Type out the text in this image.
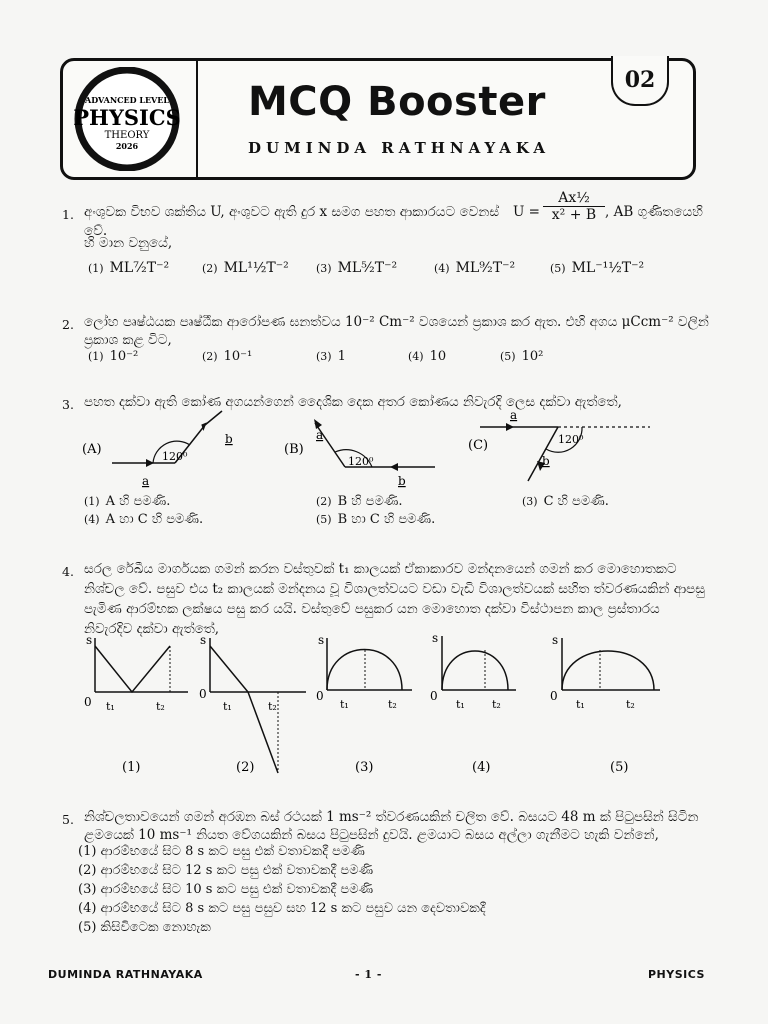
ADVANCED LEVEL
PHYSICS
THEORY
2026
MCQ Booster
DUMINDA RATHNAYAKA
02
1. අංශුවක විභව ශක්තිය U, අංශුවට ඇති දුර x සමග පහත ආකාරයට වෙනස් වේ.
$U = \frac{\text{Ax½}}{\text{x² + B}}$ , AB ගුණිතයෙහි
හි මාන වනුයේ,
(1) ML⁷⁄₂T⁻²	(2) ML¹½T⁻² (3) ML⁵⁄₂T⁻²	(4) ML⁹⁄₂T⁻²	(5) ML⁻¹½T⁻²
2. ලෝහ පෘෂ්ඨයක පෘෂ්ඨීක ආරෝපණ ඝනත්වය 10⁻² Cm⁻² වශයෙන් ප්‍රකාශ කර ඇත. එහි අගය μCcm⁻² වලින්
ප්‍රකාශ කළ විට,
(1) 10⁻²	(2) 10⁻¹	(3) 1	(4) 10	(5) 10²
3. පහත දක්වා ඇති කෝණ අගයන්ගෙන් දෛශික දෙක අතර කෝණය නිවැරදි ලෙස දක්වා ඇත්තේ,
(A)	120⁰
a
b
(B)
120⁰
a
b
(C)	120⁰
a
b
(1) A හි පමණි.	(2) B හි පමණි.	(3) C හි පමණි.
(4) A හා C හි පමණි.	(5) B හා C හි පමණි.
4. සරල රේඛීය මාර්ගයක ගමන් කරන වස්තුවක් t₁ කාලයක් ඒකාකාරව මන්දනයෙන් ගමන් කර මොහොතකට
නිශ්චල වේ. පසුව එය t₂ කාලයක් මන්දනය වූ විශාලත්වයට වඩා වැඩි විශාලත්වයක් සහිත ත්වරණයකින් ආපසු
පැමිණ ආරම්භක ලක්ෂය පසු කර යයි. වස්තුවේ පසුකර යන මොහොත දක්වා විස්ථාපන කාල ප්‍රස්තාරය
නිවැරදිව දක්වා ඇත්තේ,
s
0 t₁	t₂
(1)
s
0
t₁	t₂
(2)
s
0
t₁	t₂
(3)
s
0
t₁ t₂
(4)
s
0
t₁	t₂
(5)
5. නිශ්චලතාවයෙන් ගමන් අරඹන බස් රථයක් 1 ms⁻² ත්වරණයකින් චලිත වේ. බසයට 48 m ක් පිටුපසින් සිටින
ළමයෙක් 10 ms⁻¹ නියත වේගයකින් බසය පිටුපසින් දුවයි. ළමයාට බසය අල්ලා ගැනීමට හැකි වන්නේ,
(1) ආරම්භයේ සිට 8 s කට පසු එක් වතාවකදී පමණි
(2) ආරම්භයේ සිට 12 s කට පසු එක් වතාවකදී පමණි
(3) ආරම්භයේ සිට 10 s කට පසු එක් වතාවකදී පමණි
(4) ආරම්භයේ සිට 8 s කට පසු පසුව සහ 12 s කට පසුව යන දෙවතාවකදී
(5) කිසිවිටෙක නොහැක
DUMINDA RATHNAYAKA	- 1 -	PHYSICS
